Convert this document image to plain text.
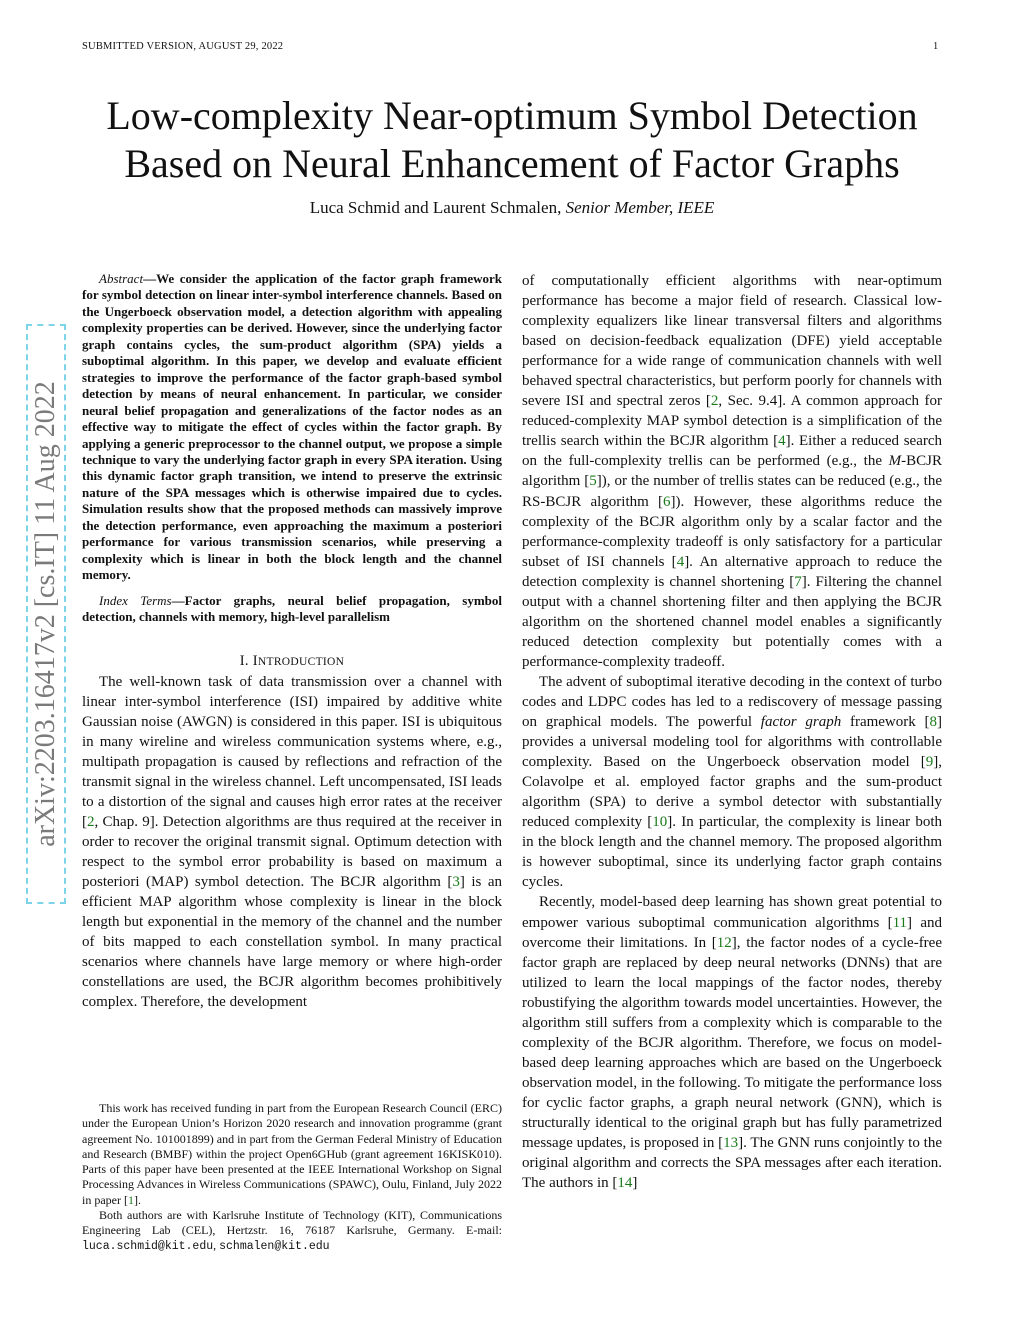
SUBMITTED VERSION, AUGUST 29, 2022	1
Low-complexity Near-optimum Symbol Detection
Based on Neural Enhancement of Factor Graphs
Luca Schmid and Laurent Schmalen, Senior Member, IEEE
arXiv:2203.16417v2 [cs.IT] 11 Aug 2022

Abstract—We consider the application of the factor graph framework for symbol detection on linear inter-symbol interference channels. Based on the Ungerboeck observation model, a detection algorithm with appealing complexity properties can be derived. However, since the underlying factor graph contains cycles, the sum-product algorithm (SPA) yields a suboptimal algorithm. In this paper, we develop and evaluate efficient strategies to improve the performance of the factor graph-based symbol detection by means of neural enhancement. In particular, we consider neural belief propagation and generalizations of the factor nodes as an effective way to mitigate the effect of cycles within the factor graph. By applying a generic preprocessor to the channel output, we propose a simple technique to vary the underlying factor graph in every SPA iteration. Using this dynamic factor graph transition, we intend to preserve the extrinsic nature of the SPA messages which is otherwise impaired due to cycles. Simulation results show that the proposed methods can massively improve the detection performance, even approaching the maximum a posteriori performance for various transmission scenarios, while preserving a complexity which is linear in both the block length and the channel memory.

Index Terms—Factor graphs, neural belief propagation, symbol detection, channels with memory, high-level parallelism

I. INTRODUCTION

The well-known task of data transmission over a channel with linear inter-symbol interference (ISI) impaired by additive white Gaussian noise (AWGN) is considered in this paper. ISI is ubiquitous in many wireline and wireless communication systems where, e.g., multipath propagation is caused by reflections and refraction of the transmit signal in the wireless channel. Left uncompensated, ISI leads to a distortion of the signal and causes high error rates at the receiver [2, Chap. 9]. Detection algorithms are thus required at the receiver in order to recover the original transmit signal. Optimum detection with respect to the symbol error probability is based on maximum a posteriori (MAP) symbol detection. The BCJR algorithm [3] is an efficient MAP algorithm whose complexity is linear in the block length but exponential in the memory of the channel and the number of bits mapped to each constellation symbol. In many practical scenarios where channels have large memory or where high-order constellations are used, the BCJR algorithm becomes prohibitively complex. Therefore, the development

This work has received funding in part from the European Research Council (ERC) under the European Union’s Horizon 2020 research and innovation programme (grant agreement No. 101001899) and in part from the German Federal Ministry of Education and Research (BMBF) within the project Open6GHub (grant agreement 16KISK010). Parts of this paper have been presented at the IEEE International Workshop on Signal Processing Advances in Wireless Communications (SPAWC), Oulu, Finland, July 2022 in paper [1].

Both authors are with Karlsruhe Institute of Technology (KIT), Communications Engineering Lab (CEL), Hertzstr. 16, 76187 Karlsruhe, Germany. E-mail: luca.schmid@kit.edu, schmalen@kit.edu

of computationally efficient algorithms with near-optimum performance has become a major field of research. Classical low-complexity equalizers like linear transversal filters and algorithms based on decision-feedback equalization (DFE) yield acceptable performance for a wide range of communication channels with well behaved spectral characteristics, but perform poorly for channels with severe ISI and spectral zeros [2, Sec. 9.4]. A common approach for reduced-complexity MAP symbol detection is a simplification of the trellis search within the BCJR algorithm [4]. Either a reduced search on the full-complexity trellis can be performed (e.g., the M-BCJR algorithm [5]), or the number of trellis states can be reduced (e.g., the RS-BCJR algorithm [6]). However, these algorithms reduce the complexity of the BCJR algorithm only by a scalar factor and the performance-complexity tradeoff is only satisfactory for a particular subset of ISI channels [4]. An alternative approach to reduce the detection complexity is channel shortening [7]. Filtering the channel output with a channel shortening filter and then applying the BCJR algorithm on the shortened channel model enables a significantly reduced detection complexity but potentially comes with a performance-complexity tradeoff.

The advent of suboptimal iterative decoding in the context of turbo codes and LDPC codes has led to a rediscovery of message passing on graphical models. The powerful factor graph framework [8] provides a universal modeling tool for algorithms with controllable complexity. Based on the Ungerboeck observation model [9], Colavolpe et al. employed factor graphs and the sum-product algorithm (SPA) to derive a symbol detector with substantially reduced complexity [10]. In particular, the complexity is linear both in the block length and the channel memory. The proposed algorithm is however suboptimal, since its underlying factor graph contains cycles.

Recently, model-based deep learning has shown great potential to empower various suboptimal communication algorithms [11] and overcome their limitations. In [12], the factor nodes of a cycle-free factor graph are replaced by deep neural networks (DNNs) that are utilized to learn the local mappings of the factor nodes, thereby robustifying the algorithm towards model uncertainties. However, the algorithm still suffers from a complexity which is comparable to the complexity of the BCJR algorithm. Therefore, we focus on model-based deep learning approaches which are based on the Ungerboeck observation model, in the following. To mitigate the performance loss for cyclic factor graphs, a graph neural network (GNN), which is structurally identical to the original graph but has fully parametrized message updates, is proposed in [13]. The GNN runs conjointly to the original algorithm and corrects the SPA messages after each iteration. The authors in [14]
